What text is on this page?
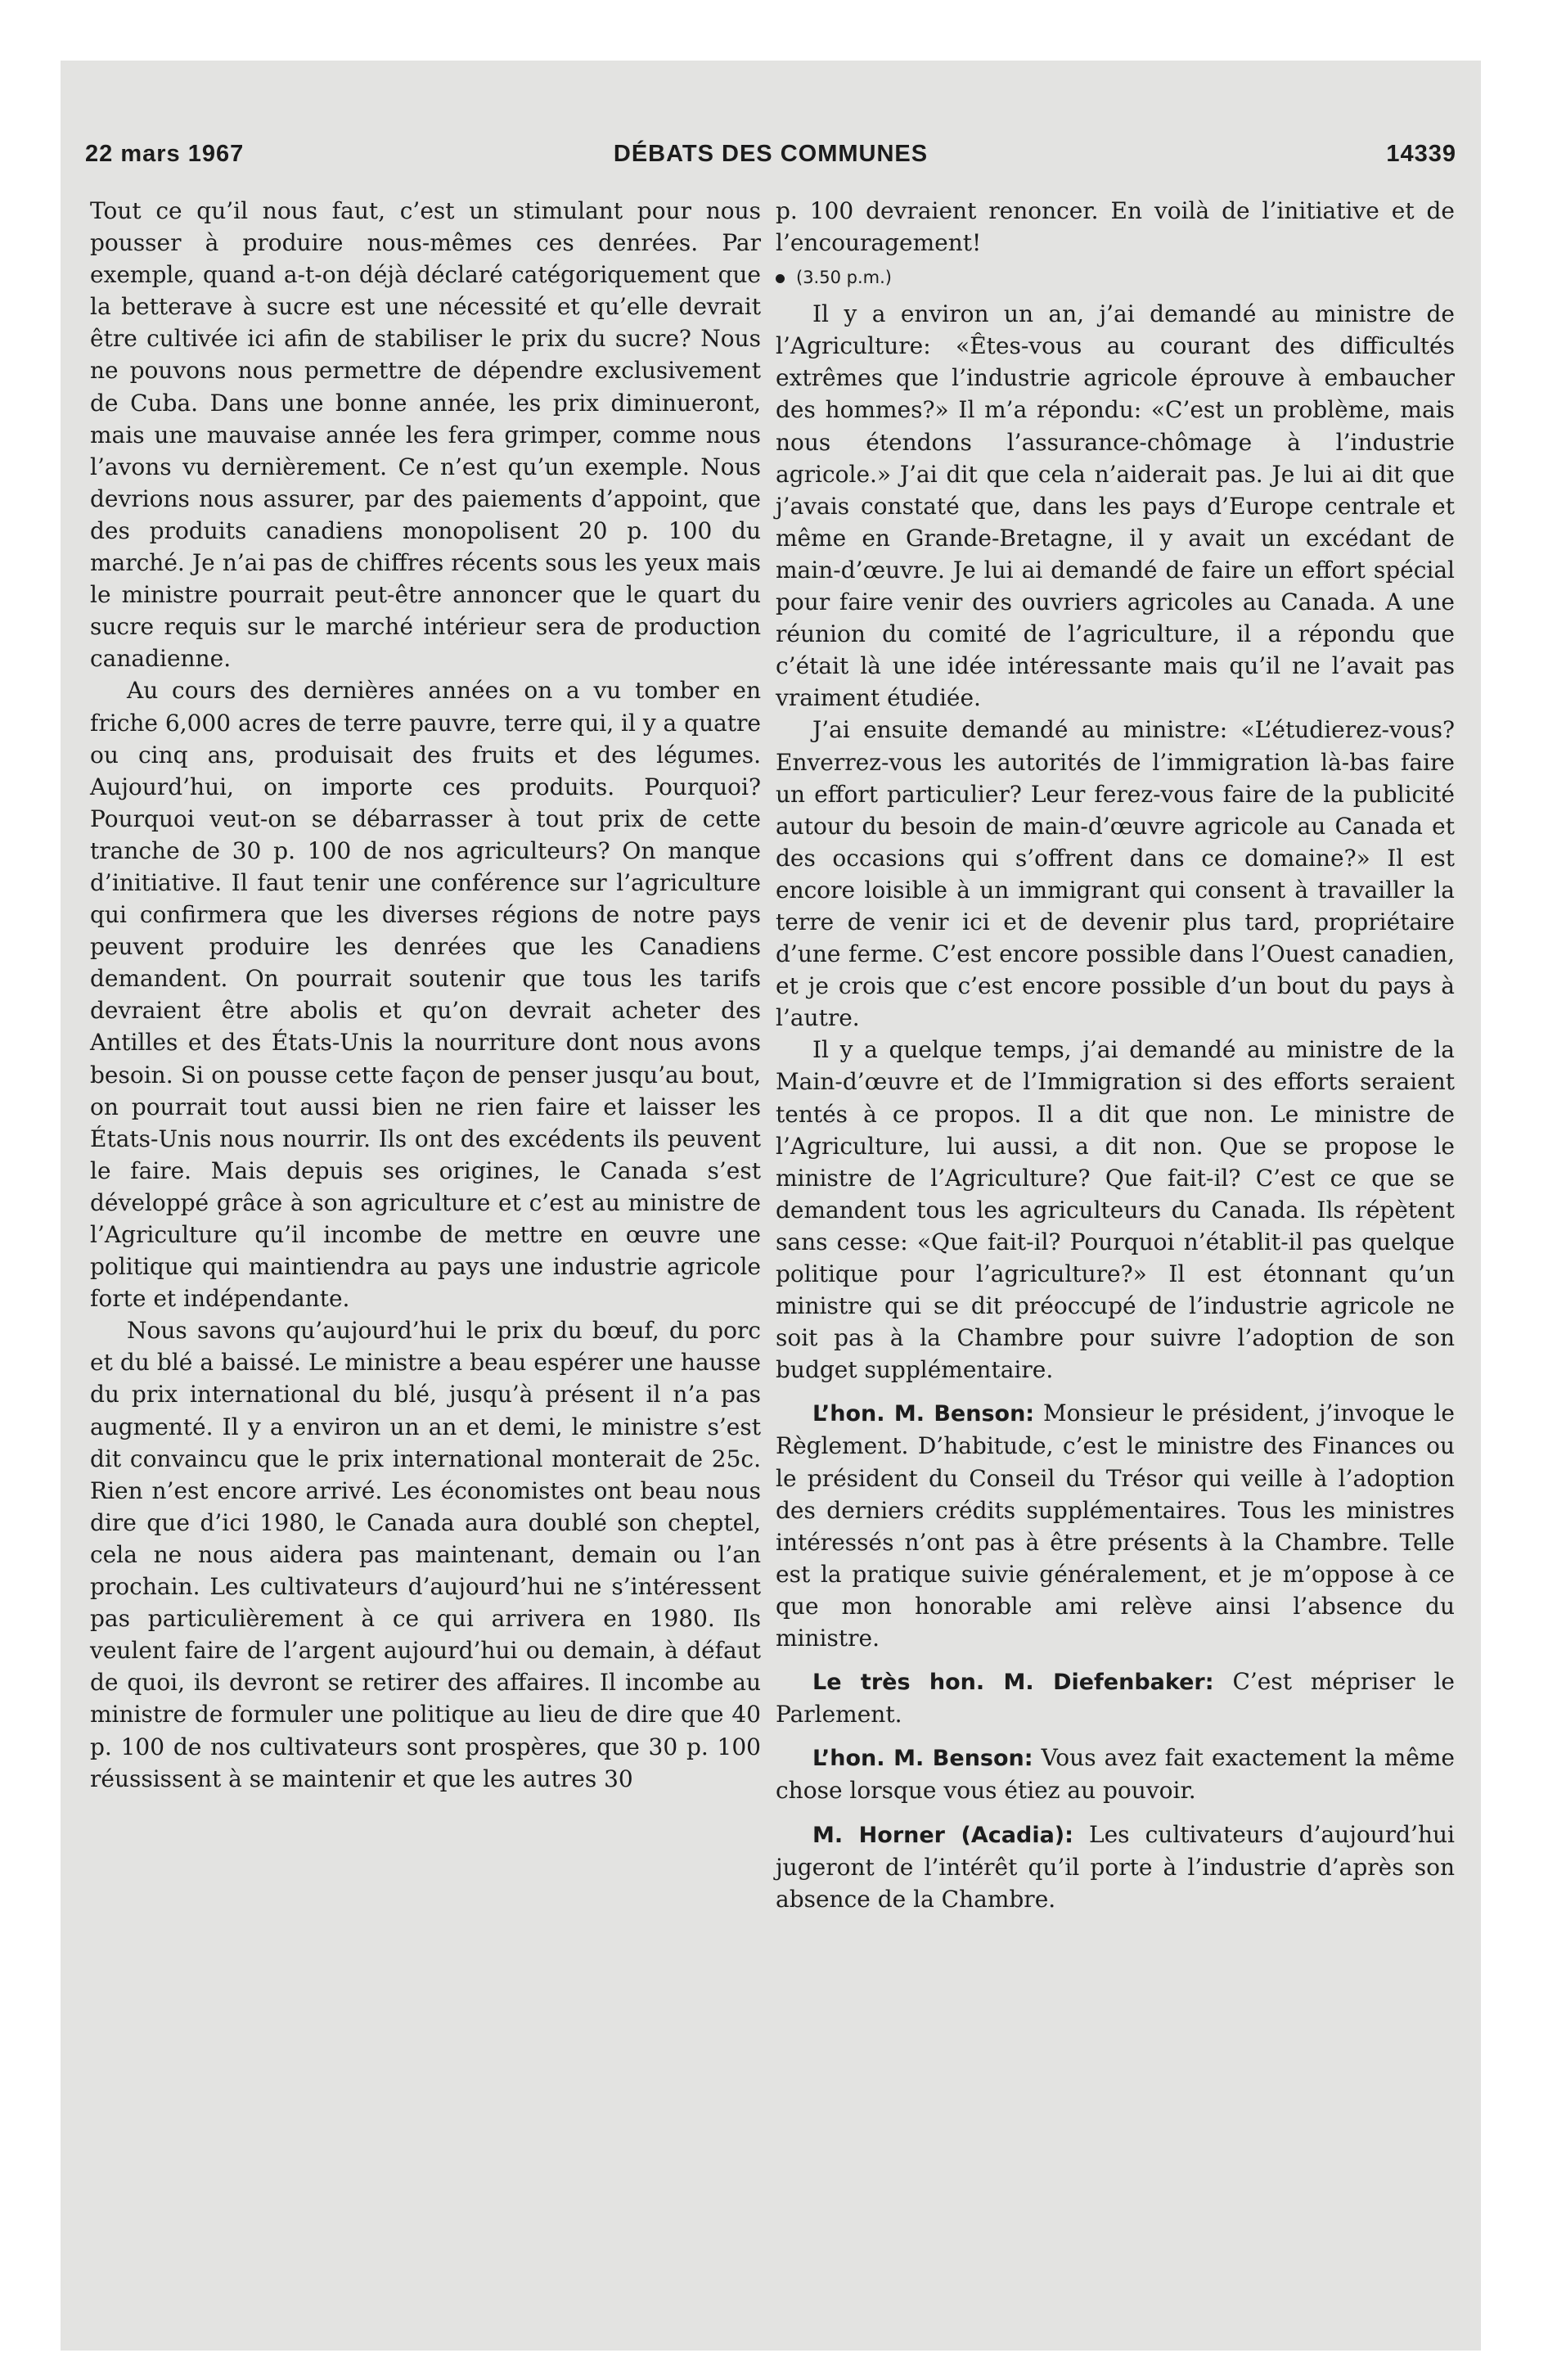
22 mars 1967	DÉBATS DES COMMUNES	14339

Tout ce qu’il nous faut, c’est un stimulant pour nous pousser à produire nous-mêmes ces denrées. Par exemple, quand a-t-on déjà déclaré catégoriquement que la betterave à sucre est une nécessité et qu’elle devrait être cultivée ici afin de stabiliser le prix du sucre? Nous ne pouvons nous permettre de dépendre exclusivement de Cuba. Dans une bonne année, les prix diminueront, mais une mauvaise année les fera grimper, comme nous l’avons vu dernièrement. Ce n’est qu’un exemple. Nous devrions nous assurer, par des paiements d’appoint, que des produits canadiens monopolisent 20 p. 100 du marché. Je n’ai pas de chiffres récents sous les yeux mais le ministre pourrait peut-être annoncer que le quart du sucre requis sur le marché intérieur sera de production canadienne.

Au cours des dernières années on a vu tomber en friche 6,000 acres de terre pauvre, terre qui, il y a quatre ou cinq ans, produisait des fruits et des légumes. Aujourd’hui, on importe ces produits. Pourquoi? Pourquoi veut-on se débarrasser à tout prix de cette tranche de 30 p. 100 de nos agriculteurs? On manque d’initiative. Il faut tenir une conférence sur l’agriculture qui confirmera que les diverses régions de notre pays peuvent produire les denrées que les Canadiens demandent. On pourrait soutenir que tous les tarifs devraient être abolis et qu’on devrait acheter des Antilles et des États-Unis la nourriture dont nous avons besoin. Si on pousse cette façon de penser jusqu’au bout, on pourrait tout aussi bien ne rien faire et laisser les États-Unis nous nourrir. Ils ont des excédents ils peuvent le faire. Mais depuis ses origines, le Canada s’est développé grâce à son agriculture et c’est au ministre de l’Agriculture qu’il incombe de mettre en œuvre une politique qui maintiendra au pays une industrie agricole forte et indépendante.

Nous savons qu’aujourd’hui le prix du bœuf, du porc et du blé a baissé. Le ministre a beau espérer une hausse du prix international du blé, jusqu’à présent il n’a pas augmenté. Il y a environ un an et demi, le ministre s’est dit convaincu que le prix international monterait de 25c. Rien n’est encore arrivé. Les économistes ont beau nous dire que d’ici 1980, le Canada aura doublé son cheptel, cela ne nous aidera pas maintenant, demain ou l’an prochain. Les cultivateurs d’aujourd’hui ne s’intéressent pas particulièrement à ce qui arrivera en 1980. Ils veulent faire de l’argent aujourd’hui ou demain, à défaut de quoi, ils devront se retirer des affaires. Il incombe au ministre de formuler une politique au lieu de dire que 40 p. 100 de nos cultivateurs sont prospères, que 30 p. 100 réussissent à se maintenir et que les autres 30

p. 100 devraient renoncer. En voilà de l’initiative et de l’encouragement!

(3.50 p.m.)

Il y a environ un an, j’ai demandé au ministre de l’Agriculture: «Êtes-vous au courant des difficultés extrêmes que l’industrie agricole éprouve à embaucher des hommes?» Il m’a répondu: «C’est un problème, mais nous étendons l’assurance-chômage à l’industrie agricole.» J’ai dit que cela n’aiderait pas. Je lui ai dit que j’avais constaté que, dans les pays d’Europe centrale et même en Grande-Bretagne, il y avait un excédant de main-d’œuvre. Je lui ai demandé de faire un effort spécial pour faire venir des ouvriers agricoles au Canada. A une réunion du comité de l’agriculture, il a répondu que c’était là une idée intéressante mais qu’il ne l’avait pas vraiment étudiée.

J’ai ensuite demandé au ministre: «L’étudierez-vous? Enverrez-vous les autorités de l’immigration là-bas faire un effort particulier? Leur ferez-vous faire de la publicité autour du besoin de main-d’œuvre agricole au Canada et des occasions qui s’offrent dans ce domaine?» Il est encore loisible à un immigrant qui consent à travailler la terre de venir ici et de devenir plus tard, propriétaire d’une ferme. C’est encore possible dans l’Ouest canadien, et je crois que c’est encore possible d’un bout du pays à l’autre.

Il y a quelque temps, j’ai demandé au ministre de la Main-d’œuvre et de l’Immigration si des efforts seraient tentés à ce propos. Il a dit que non. Le ministre de l’Agriculture, lui aussi, a dit non. Que se propose le ministre de l’Agriculture? Que fait-il? C’est ce que se demandent tous les agriculteurs du Canada. Ils répètent sans cesse: «Que fait-il? Pourquoi n’établit-il pas quelque politique pour l’agriculture?» Il est étonnant qu’un ministre qui se dit préoccupé de l’industrie agricole ne soit pas à la Chambre pour suivre l’adoption de son budget supplémentaire.

L’hon. M. Benson: Monsieur le président, j’invoque le Règlement. D’habitude, c’est le ministre des Finances ou le président du Conseil du Trésor qui veille à l’adoption des derniers crédits supplémentaires. Tous les ministres intéressés n’ont pas à être présents à la Chambre. Telle est la pratique suivie généralement, et je m’oppose à ce que mon honorable ami relève ainsi l’absence du ministre.

Le très hon. M. Diefenbaker: C’est mépriser le Parlement.

L’hon. M. Benson: Vous avez fait exactement la même chose lorsque vous étiez au pouvoir.

M. Horner (Acadia): Les cultivateurs d’aujourd’hui jugeront de l’intérêt qu’il porte à l’industrie d’après son absence de la Chambre.
